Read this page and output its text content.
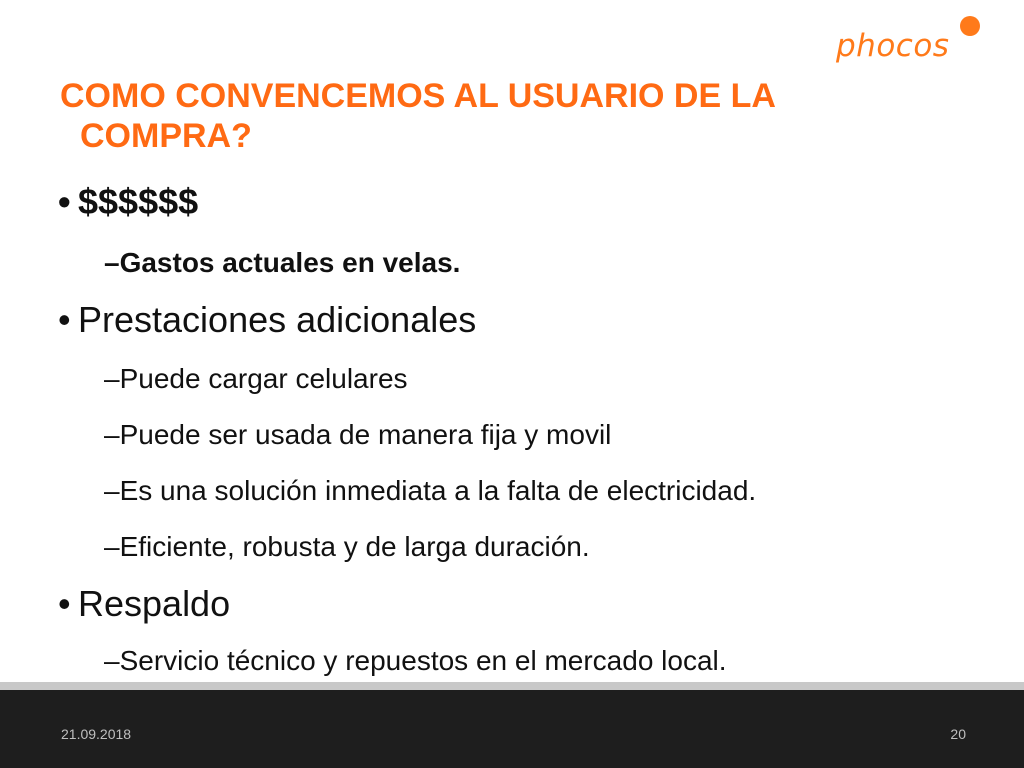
phocos
COMO CONVENCEMOS AL USUARIO DE LA
COMPRA?
• $$$$$$
–Gastos actuales en velas.
• Prestaciones adicionales
–Puede cargar celulares
–Puede ser usada de manera fija y movil
–Es una solución inmediata a la falta de electricidad.
–Eficiente, robusta y de larga duración.
• Respaldo
–Servicio técnico y repuestos en el mercado local.
21.09.2018	20
